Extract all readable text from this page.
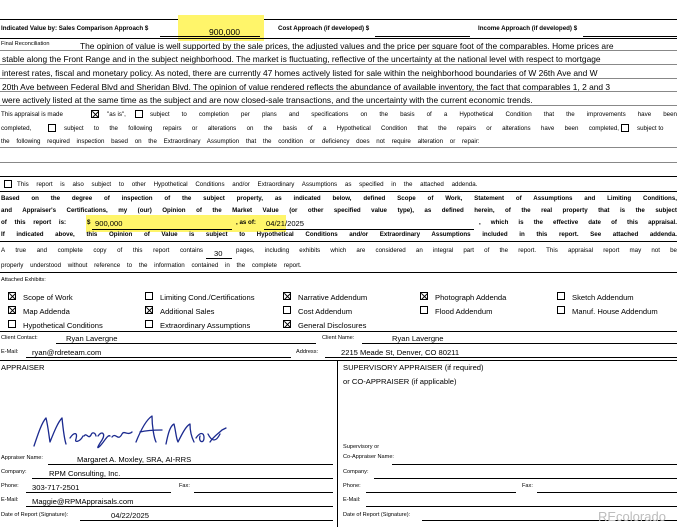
Indicated Value by: Sales Comparison Approach $	900,000	Cost Approach (if developed) $	Income Approach (if developed) $
Final Reconciliation	The opinion of value is well supported by the sale prices, the adjusted values and the price per square foot of the comparables. Home prices are
stable along the Front Range and in the subject neighborhood. The market is fluctuating, reflective of the uncertainty at the national level with respect to mortgage
interest rates, fiscal and monetary policy. As noted, there are currently 47 homes actively listed for sale within the neighborhood boundaries of W 26th Ave and W
20th Ave between Federal Blvd and Sheridan Blvd. The opinion of value rendered reflects the abundance of available inventory, the fact that comparables 1, 2 and 3
were actively listed at the same time as the subject and are now closed-sale transactions, and the uncertainty with the current economic trends.
This appraisal is made	"as is",	subject to completion per plans and specifications on the basis of a Hypothetical Condition that the improvements have been
completed,	subject to the following repairs or alterations on the basis of a Hypothetical Condition that the repairs or alterations have been completed,	subject to
the following required inspection based on the Extraordinary Assumption that the condition or deficiency does not require alteration or repair:
This report is also subject to other Hypothetical Conditions and/or Extraordinary Assumptions as specified in the attached addenda.
Based on the degree of inspection of the subject property, as indicated below, defined Scope of Work, Statement of Assumptions and Limiting Conditions,
and Appraiser's Certifications, my (our) Opinion of the Market Value (or other specified value type), as defined herein, of the real property that is the subject
of this report is:	$ 900,000	, as of: 04/21/2025	, which is the effective date of this appraisal.
If indicated above, this Opinion of Value is subject to Hypothetical Conditions and/or Extraordinary Assumptions included in this report. See attached addenda.
A true and complete copy of this report contains 30 pages, including exhibits which are considered an integral part of the report. This appraisal report may not be
properly understood without reference to the information contained in the complete report.
Attached Exhibits:
Scope of Work	Limiting Cond./Certifications	Narrative Addendum	Photograph Addenda	Sketch Addendum
Map Addenda	Additional Sales	Cost Addendum	Flood Addendum	Manuf. House Addendum
Hypothetical Conditions	Extraordinary Assumptions	General Disclosures
Client Contact:	Ryan Lavergne	Client Name:	Ryan Lavergne
E-Mail: ryan@rdreteam.com	Address:	2215 Meade St, Denver, CO 80211
APPRAISER
Appraiser Name:	Margaret A. Moxley, SRA, AI-RRS
Company:	RPM Consulting, Inc.
Phone: 303-717-2501	Fax:
E-Mail: Maggie@RPMAppraisals.com
Date of Report (Signature):	04/22/2025
SUPERVISORY APPRAISER (if required)
or CO-APPRAISER (if applicable)
Supervisory or
Co-Appraiser Name:
Company:
Phone:	Fax:
E-Mail:
Date of Report (Signature):	REcolorado
